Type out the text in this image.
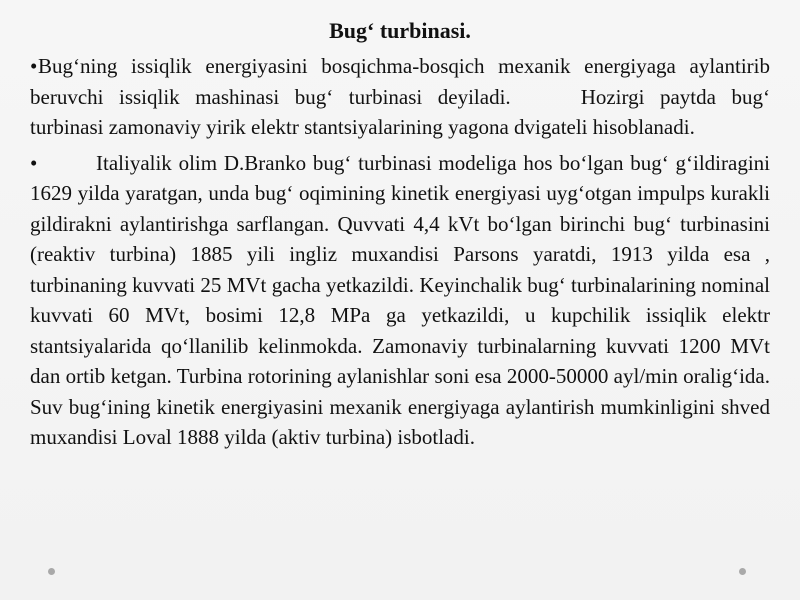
Bug‘ turbinasi.

•Bug‘ning issiqlik energiyasini bosqichma-bosqich mexanik energiyaga aylantirib beruvchi issiqlik mashinasi bug‘ turbinasi deyiladi.	Hozirgi paytda bug‘ turbinasi zamonaviy yirik elektr stantsiyalarining yagona dvigateli hisoblanadi.

•	Italiyalik olim D.Branko bug‘ turbinasi modeliga hos bo‘lgan bug‘ g‘ildiragini 1629 yilda yaratgan, unda bug‘ oqimining kinetik energiyasi uyg‘otgan impulps kurakli gildirakni aylantirishga sarflangan. Quvvati 4,4 kVt bo‘lgan birinchi bug‘ turbinasini (reaktiv turbina) 1885 yili ingliz muxandisi Parsons yaratdi, 1913 yilda esa , turbinaning kuvvati 25 MVt gacha yetkazildi. Keyinchalik bug‘ turbinalarining nominal kuvvati 60 MVt, bosimi 12,8 MPa ga yetkazildi, u kupchilik issiqlik elektr stantsiyalarida qo‘llanilib kelinmokda. Zamonaviy turbinalarning kuvvati 1200 MVt dan ortib ketgan. Turbina rotorining aylanishlar soni esa 2000-50000 ayl/min oralig‘ida. Suv bug‘ining kinetik energiyasini mexanik energiyaga aylantirish mumkinligini shved muxandisi Loval 1888 yilda (aktiv turbina) isbotladi.
